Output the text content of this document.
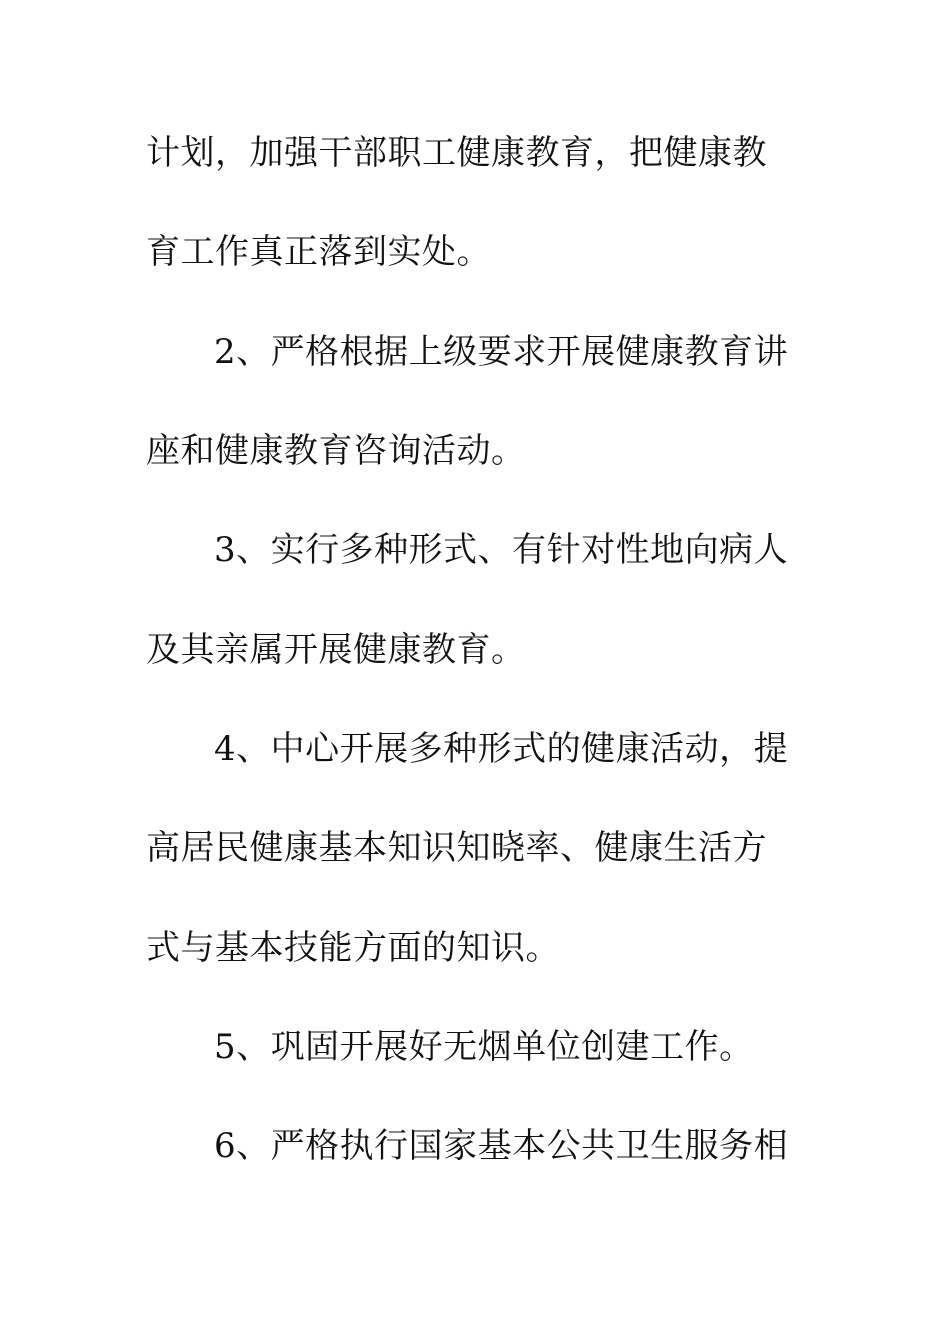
计划，加强干部职工健康教育，把健康教
育工作真正落到实处。
2、严格根据上级要求开展健康教育讲
座和健康教育咨询活动。
3、实行多种形式、有针对性地向病人
及其亲属开展健康教育。
4、中心开展多种形式的健康活动，提
高居民健康基本知识知晓率、健康生活方
式与基本技能方面的知识。
5、巩固开展好无烟单位创建工作。
6、严格执行国家基本公共卫生服务相
